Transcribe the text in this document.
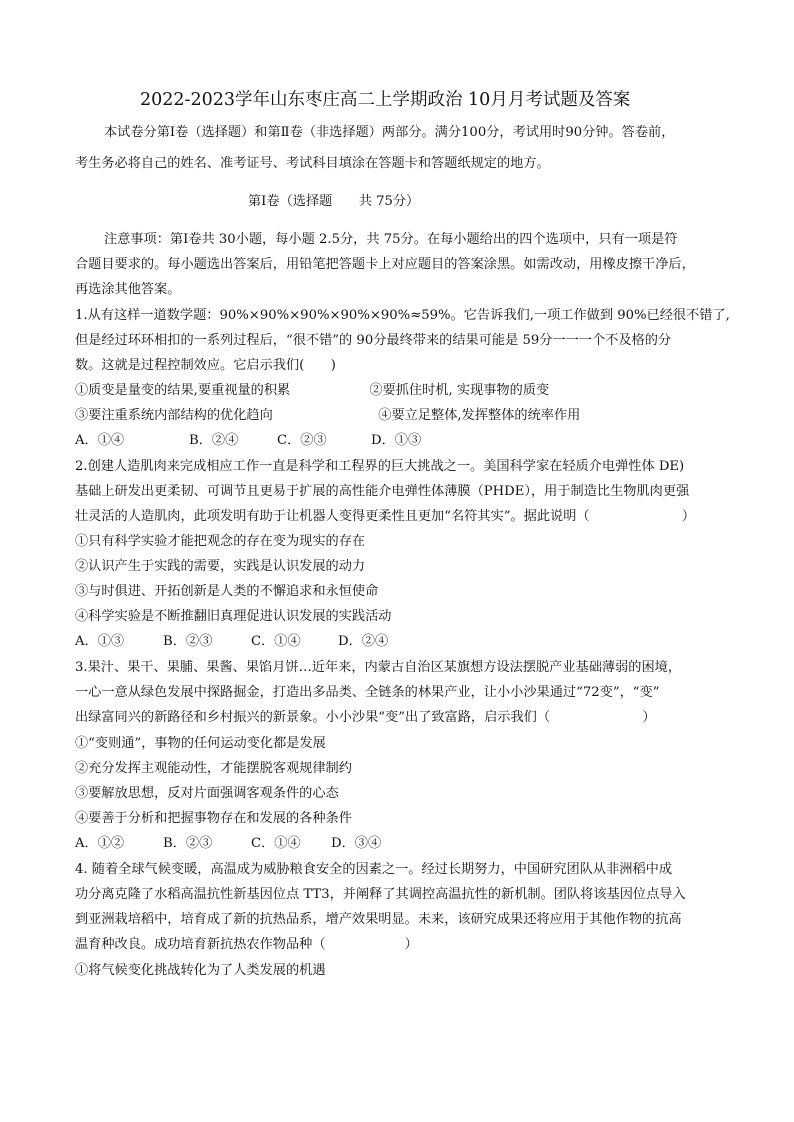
2022-2023学年山东枣庄高二上学期政治 10月月考试题及答案
本试卷分第Ⅰ卷（选择题）和第Ⅱ卷（非选择题）两部分。满分100分，考试用时90分钟。答卷前，
考生务必将自己的姓名、准考证号、考试科目填涂在答题卡和答题纸规定的地方。
第Ⅰ卷（选择题　　共 75分）
注意事项：第Ⅰ卷共 30小题，每小题 2.5分，共 75分。在每小题给出的四个选项中，只有一项是符
合题目要求的。每小题选出答案后，用铅笔把答题卡上对应题目的答案涂黑。如需改动，用橡皮擦干净后，
再选涂其他答案。
1.从有这样一道数学题：90%×90%×90%×90%×90%≈59%。它告诉我们,一项工作做到 90%已经很不错了,
但是经过环环相扣的一系列过程后，“很不错”的 90分最终带来的结果可能是 59分一一一个不及格的分
数。这就是过程控制效应。它启示我们(　　)
①质变是量变的结果,要重视量的积累　　　　　　②要抓住时机, 实现事物的质变
③要注重系统内部结构的优化趋向　　　　　　　　④要立足整体,发挥整体的统率作用
A．①④	B．②④	C．②③	D．①③
2.创建人造肌肉来完成相应工作一直是科学和工程界的巨大挑战之一。美国科学家在轻质介电弹性体 DE)
基础上研发出更柔韧、可调节且更易于扩展的高性能介电弹性体薄膜（PHDE），用于制造比生物肌肉更强
壮灵活的人造肌肉，此项发明有助于让机器人变得更柔性且更加“名符其实”。据此说明（　　　　　　　）
①只有科学实验才能把观念的存在变为现实的存在
②认识产生于实践的需要，实践是认识发展的动力
③与时俱进、开拓创新是人类的不懈追求和永恒使命
④科学实验是不断推翻旧真理促进认识发展的实践活动
A．①③	B．②③	C．①④	D．②④
3.果汁、果干、果脯、果酱、果馅月饼…近年来，内蒙古自治区某旗想方设法摆脱产业基础薄弱的困境，
一心一意从绿色发展中探路掘金，打造出多品类、全链条的林果产业，让小小沙果通过“72变”，“变”
出绿富同兴的新路径和乡村振兴的新景象。小小沙果“变”出了致富路，启示我们（　　　　　　　）
①“变则通”，事物的任何运动变化都是发展
②充分发挥主观能动性，才能摆脱客观规律制约
③要解放思想，反对片面强调客观条件的心态
④要善于分析和把握事物存在和发展的各种条件
A．①②	B．②③	C．①④ D．③④
4. 随着全球气候变暖，高温成为威胁粮食安全的因素之一。经过长期努力，中国研究团队从非洲稻中成
功分离克隆了水稻高温抗性新基因位点 TT3，并阐释了其调控高温抗性的新机制。团队将该基因位点导入
到亚洲栽培稻中，培育成了新的抗热品系，增产效果明显。未来，该研究成果还将应用于其他作物的抗高
温育种改良。成功培育新抗热农作物品种（　　　　　　）
①将气候变化挑战转化为了人类发展的机遇
